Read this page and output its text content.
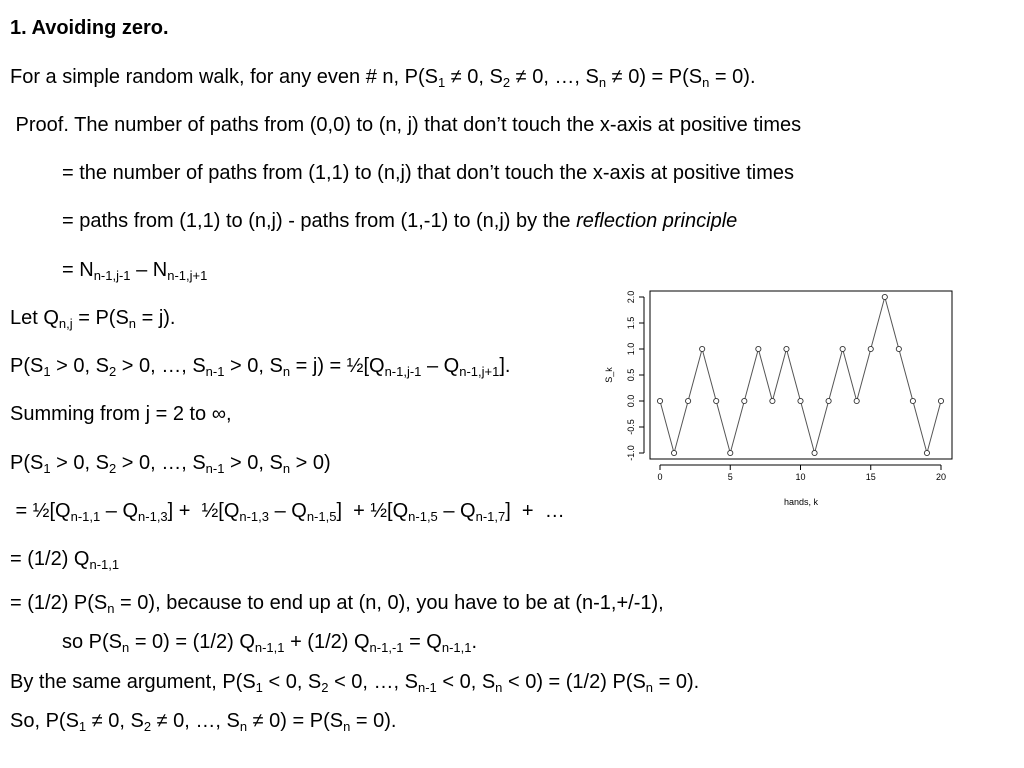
1. Avoiding zero.
For a simple random walk, for any even # n, $P(S_1 \ne 0$, $S_2 \ne 0$, …, $S_n \ne 0) = P(S_n = 0)$.
Proof. The number of paths from (0,0) to (n, j) that don’t touch the x-axis at positive times
= the number of paths from (1,1) to (n,j) that don’t touch the x-axis at positive times
= paths from (1,1) to (n,j) - paths from (1,-1) to (n,j) by the reflection principle
= $N_{n-1,j-1} - N_{n-1,j+1}$
Let $Q_{n,j} = P(S_n = j)$.
$P(S_1 > 0$, $S_2 > 0$, …, $S_{n-1} > 0$, $S_n = j$) = $\frac{1}{2}[Q_{n-1,j-1} - Q_{n-1,j+1}]$.
Summing from j = 2 to ∞,
$P(S_1 > 0$, $S_2 > 0$, …, $S_{n-1} > 0$, $S_n > 0$)
= $\frac{1}{2}[Q_{n-1,1} - Q_{n-1,3}]$ +  $\frac{1}{2}[Q_{n-1,3} - Q_{n-1,5}]$  + $\frac{1}{2}[Q_{n-1,5} - Q_{n-1,7}]$  +  …
= (1/2) $Q_{n-1,1}$
= (1/2) $P(S_n = 0)$, because to end up at (n, 0), you have to be at (n-1,+/-1),
so $P(S_n = 0) = (1/2) Q_{n-1,1} + (1/2) Q_{n-1,-1} = Q_{n-1,1}$.
By the same argument, $P(S_1 < 0$, $S_2 < 0$, …, $S_{n-1} < 0$, $S_n < 0) = (1/2)$ $P(S_n = 0)$.
So, $P(S_1 \ne 0$, $S_2 \ne 0$, …, $S_n \ne 0) = P(S_n = 0)$.
0	5	10	15	20
-1.0
-0.5
0.0
0.5
1.0
1.5
2.0
hands, k
S_k
